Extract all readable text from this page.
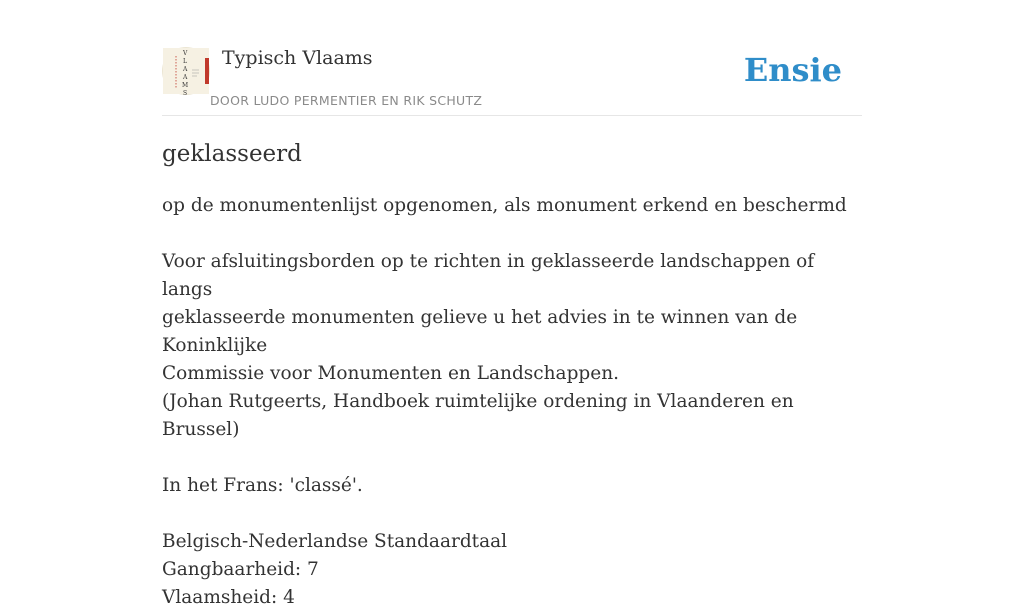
V
L
A
A
M
S
Typisch Vlaams
DOOR LUDO PERMENTIER EN RIK SCHUTZ
Ensie
geklasseerd

op de monumentenlijst opgenomen, als monument erkend en beschermd

Voor afsluitingsborden op te richten in geklasseerde landschappen of langs

geklasseerde monumenten gelieve u het advies in te winnen van de Koninklijke

Commissie voor Monumenten en Landschappen.

(Johan Rutgeerts, Handboek ruimtelijke ordening in Vlaanderen en Brussel)

In het Frans: 'classé'.

Belgisch-Nederlandse Standaardtaal

Gangbaarheid: 7

Vlaamsheid: 4
